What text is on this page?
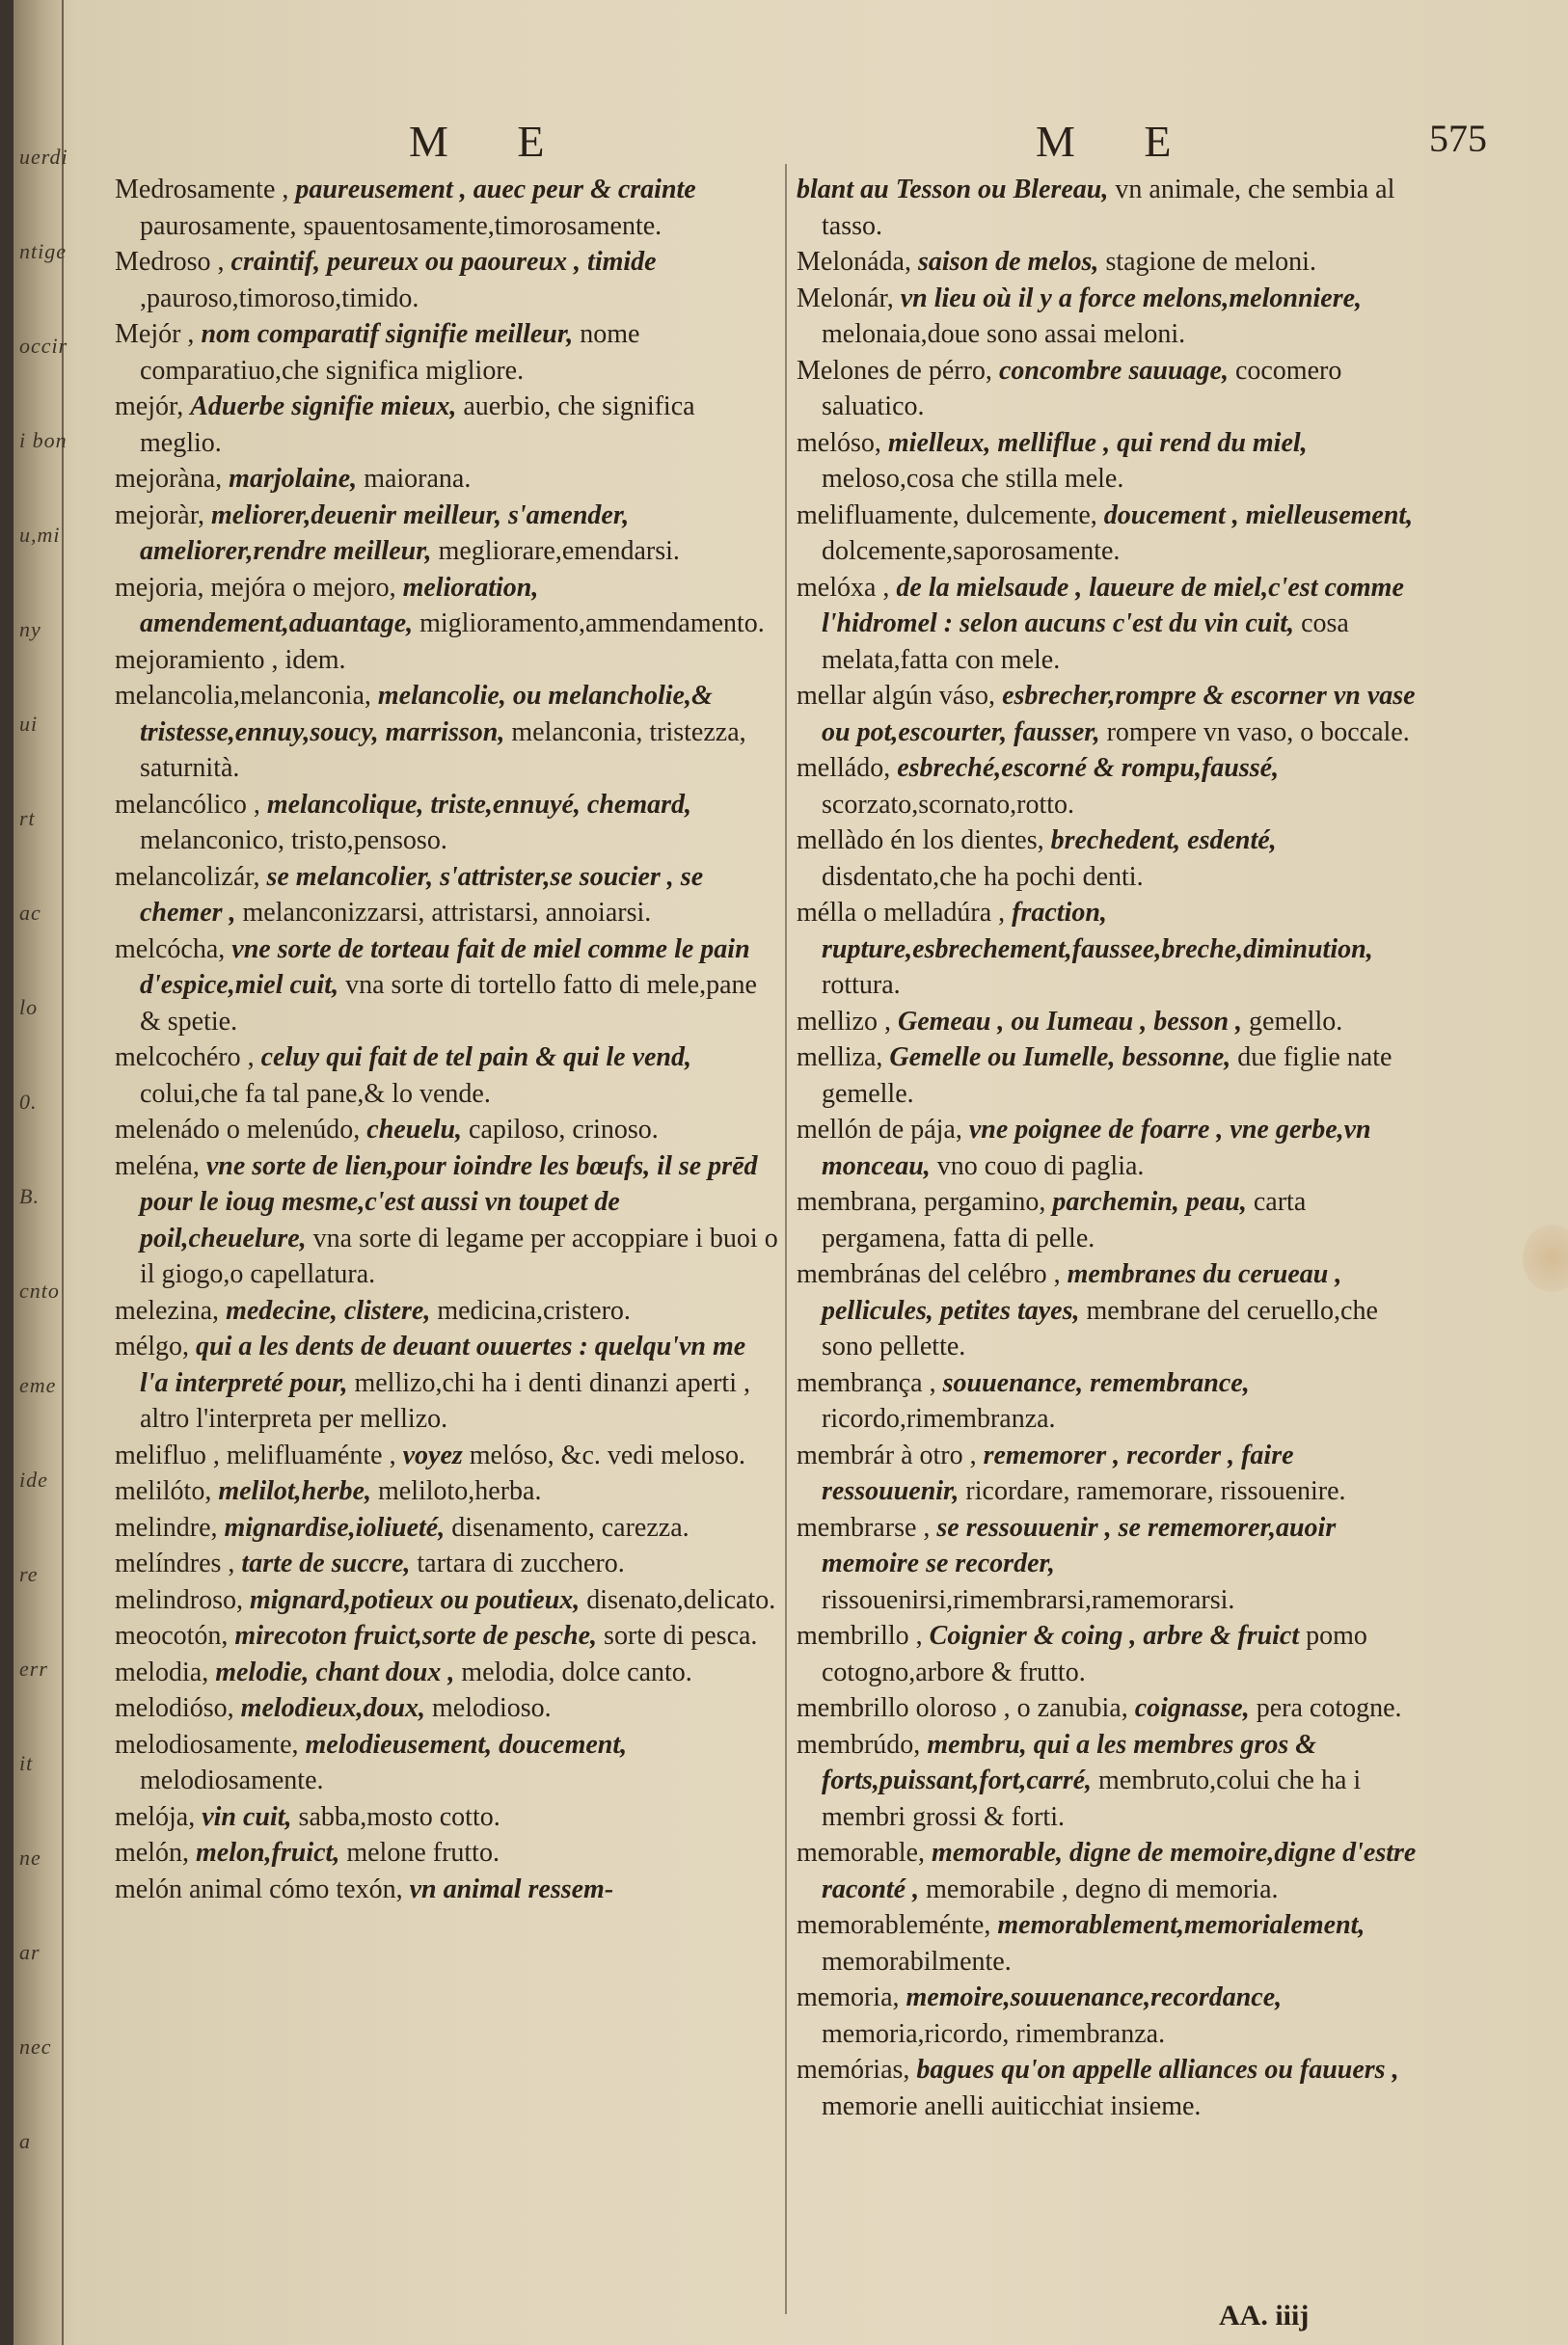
uerdi
ntige
occir
i bon
u,mi
ny
ui
rt
ac
lo
0.
B.
cnto
eme
ide
re
err
it
ne
ar
nec
a
M E	M E	575

Medrosamente , paureusement , auec peur & crainte paurosamente, spauentosamente,timorosamente.

Medroso , craintif, peureux ou paoureux , timide ,pauroso,timoroso,timido.

Mejór , nom comparatif signifie meilleur, nome comparatiuo,che significa migliore.

mejór, Aduerbe signifie mieux, auerbio, che significa meglio.

mejoràna, marjolaine, maiorana.

mejoràr, meliorer,deuenir meilleur, s'amender, ameliorer,rendre meilleur, megliorare,emendarsi.

mejoria, mejóra o mejoro, melioration, amendement,aduantage, miglioramento,ammendamento.

mejoramiento , idem.

melancolia,melanconia, melancolie, ou melancholie,& tristesse,ennuy,soucy, marrisson, melanconia, tristezza, saturnità.

melancólico , melancolique, triste,ennuyé, chemard, melanconico, tristo,pensoso.

melancolizár, se melancolier, s'attrister,se soucier , se chemer , melanconizzarsi, attristarsi, annoiarsi.

melcócha, vne sorte de torteau fait de miel comme le pain d'espice,miel cuit, vna sorte di tortello fatto di mele,pane & spetie.

melcochéro , celuy qui fait de tel pain & qui le vend, colui,che fa tal pane,& lo vende.

melenádo o melenúdo, cheuelu, capiloso, crinoso.

meléna, vne sorte de lien,pour ioindre les bœufs, il se prēd pour le ioug mesme,c'est aussi vn toupet de poil,cheuelure, vna sorte di legame per accoppiare i buoi o il giogo,o capellatura.

melezina, medecine, clistere, medicina,cristero.

mélgo, qui a les dents de deuant ouuertes : quelqu'vn me l'a interpreté pour, mellizo,chi ha i denti dinanzi aperti , altro l'interpreta per mellizo.

melifluo , melifluaménte , voyez melóso, &c. vedi meloso.

melilóto, melilot,herbe, meliloto,herba.

melindre, mignardise,ioliueté, disenamento, carezza.

melíndres , tarte de succre, tartara di zucchero.

melindroso, mignard,potieux ou poutieux, disenato,delicato.

meocotón, mirecoton fruict,sorte de pesche, sorte di pesca.

melodia, melodie, chant doux , melodia, dolce canto.

melodióso, melodieux,doux, melodioso.

melodiosamente, melodieusement, doucement, melodiosamente.

melója, vin cuit, sabba,mosto cotto.

melón, melon,fruict, melone frutto.

melón animal cómo texón, vn animal ressem-

blant au Tesson ou Blereau, vn animale, che sembia al tasso.

Melonáda, saison de melos, stagione de meloni.

Melonár, vn lieu où il y a force melons,melonniere, melonaia,doue sono assai meloni.

Melones de pérro, concombre sauuage, cocomero saluatico.

melóso, mielleux, melliflue , qui rend du miel, meloso,cosa che stilla mele.

melifluamente, dulcemente, doucement , mielleusement, dolcemente,saporosamente.

melóxa , de la mielsaude , laueure de miel,c'est comme l'hidromel : selon aucuns c'est du vin cuit, cosa melata,fatta con mele.

mellar algún váso, esbrecher,rompre & escorner vn vase ou pot,escourter, fausser, rompere vn vaso, o boccale.

melládo, esbreché,escorné & rompu,faussé, scorzato,scornato,rotto.

mellàdo én los dientes, brechedent, esdenté, disdentato,che ha pochi denti.

mélla o melladúra , fraction, rupture,esbrechement,faussee,breche,diminution, rottura.

mellizo , Gemeau , ou Iumeau , besson , gemello.

melliza, Gemelle ou Iumelle, bessonne, due figlie nate gemelle.

mellón de pája, vne poignee de foarre , vne gerbe,vn monceau, vno couo di paglia.

membrana, pergamino, parchemin, peau, carta pergamena, fatta di pelle.

membránas del celébro , membranes du cerueau , pellicules, petites tayes, membrane del ceruello,che sono pellette.

membrança , souuenance, remembrance, ricordo,rimembranza.

membrár à otro , rememorer , recorder , faire ressouuenir, ricordare, ramemorare, rissouenire.

membrarse , se ressouuenir , se rememorer,auoir memoire se recorder, rissouenirsi,rimembrarsi,ramemorarsi.

membrillo , Coignier & coing , arbre & fruict pomo cotogno,arbore & frutto.

membrillo oloroso , o zanubia, coignasse, pera cotogne.

membrúdo, membru, qui a les membres gros & forts,puissant,fort,carré, membruto,colui che ha i membri grossi & forti.

memorable, memorable, digne de memoire,digne d'estre raconté , memorabile , degno di memoria.

memorableménte, memorablement,memorialement, memorabilmente.

memoria, memoire,souuenance,recordance, memoria,ricordo, rimembranza.

memórias, bagues qu'on appelle alliances ou fauuers , memorie anelli auiticchiat insieme.

AA. iiij
